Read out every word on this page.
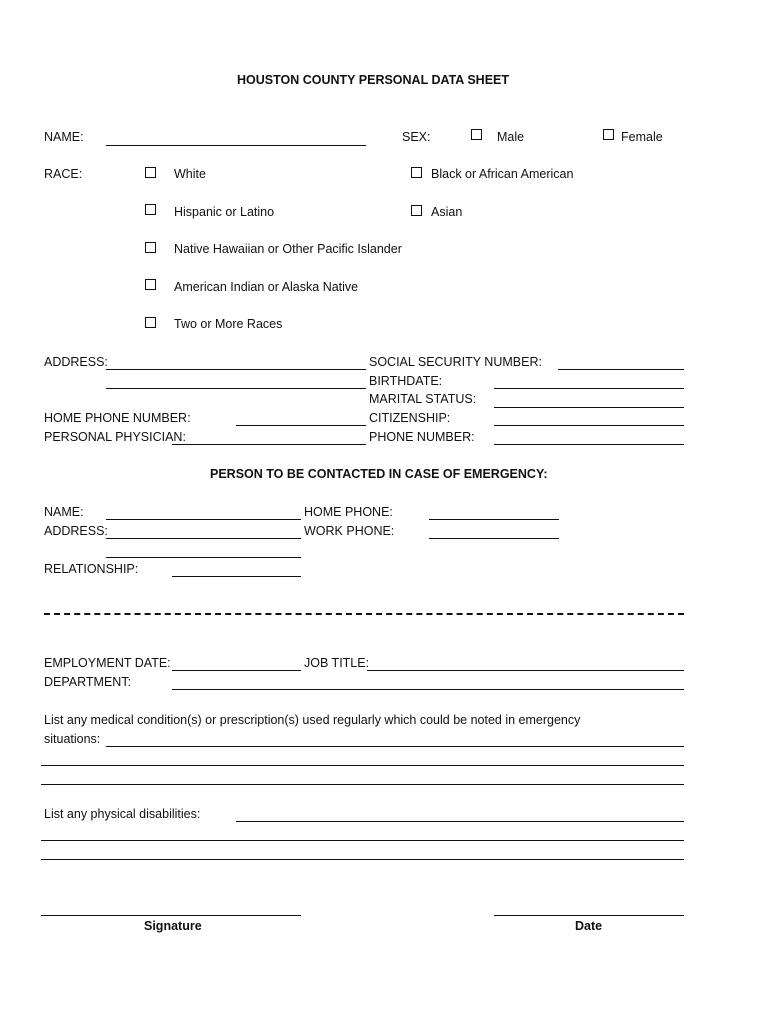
HOUSTON COUNTY PERSONAL DATA SHEET
NAME:	SEX:	Male	Female
RACE:	White	Black or African American
Hispanic or Latino	Asian
Native Hawaiian or Other Pacific Islander
American Indian or Alaska Native
Two or More Races
ADDRESS:	SOCIAL SECURITY NUMBER:
BIRTHDATE:
MARITAL STATUS:
HOME PHONE NUMBER:	CITIZENSHIP:
PERSONAL PHYSICIAN:	PHONE NUMBER:
PERSON TO BE CONTACTED IN CASE OF EMERGENCY:
NAME:	HOME PHONE:
ADDRESS:	WORK PHONE:
RELATIONSHIP:
EMPLOYMENT DATE:	JOB TITLE:
DEPARTMENT:
List any medical condition(s) or prescription(s) used regularly which could be noted in emergency
situations:
List any physical disabilities:
Signature	Date
